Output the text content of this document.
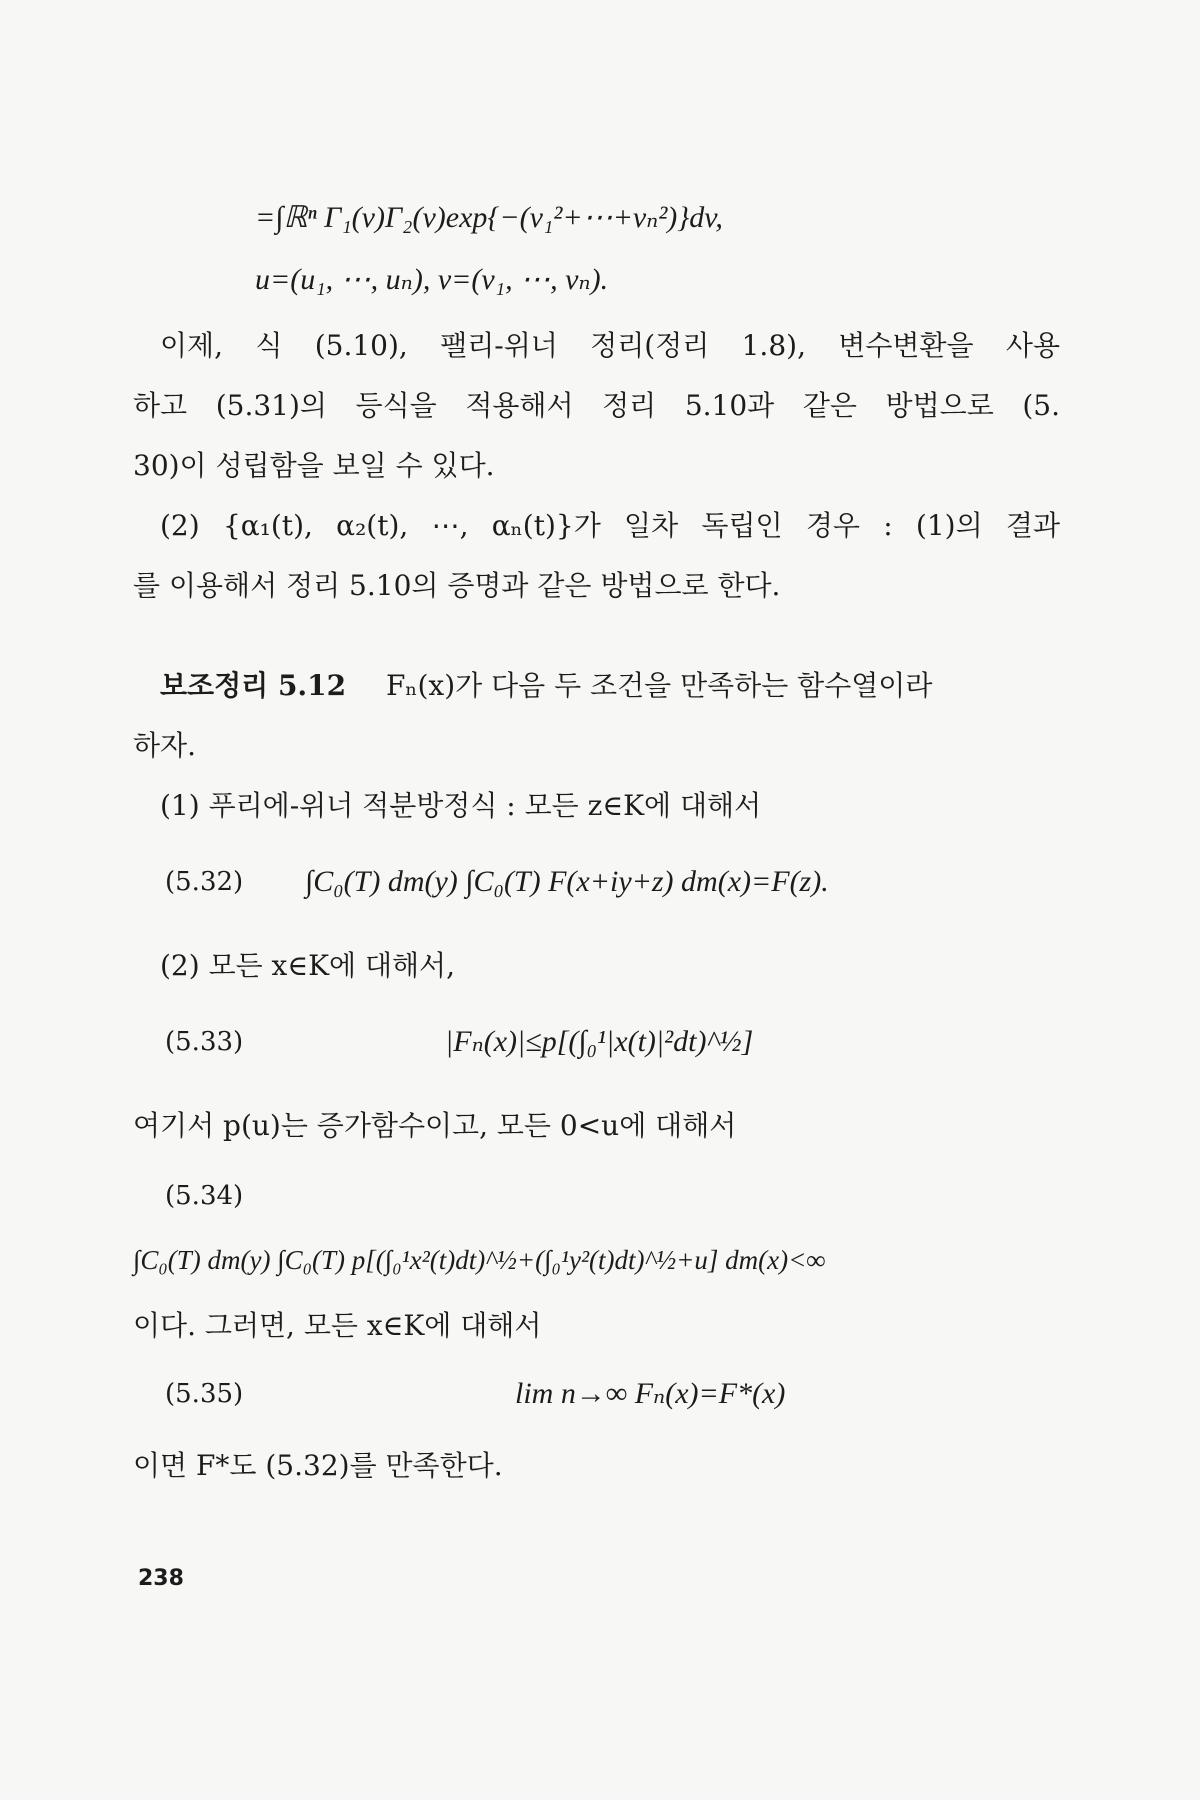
=∫ℝⁿ Γ₁(v)Γ₂(v)exp{−(v₁²+⋯+vₙ²)}dv,
u=(u₁, ⋯, uₙ), v=(v₁, ⋯, vₙ).
이제, 식 (5.10), 팰리-위너 정리(정리 1.8), 변수변환을 사용
하고 (5.31)의 등식을 적용해서 정리 5.10과 같은 방법으로 (5.
30)이 성립함을 보일 수 있다.
(2) {α₁(t), α₂(t), ⋯, αₙ(t)}가 일차 독립인 경우 : (1)의 결과
를 이용해서 정리 5.10의 증명과 같은 방법으로 한다.
보조정리 5.12 Fₙ(x)가 다음 두 조건을 만족하는 함수열이라
하자.
(1) 푸리에-위너 적분방정식 : 모든 z∈K에 대해서
(5.32) ∫C₀(T) dm(y) ∫C₀(T) F(x+iy+z) dm(x)=F(z).
(2) 모든 x∈K에 대해서,
(5.33)	|Fₙ(x)|≤p[(∫₀¹|x(t)|²dt)^½]
여기서 p(u)는 증가함수이고, 모든 0<u에 대해서
(5.34)
∫C₀(T) dm(y) ∫C₀(T) p[(∫₀¹x²(t)dt)^½+(∫₀¹y²(t)dt)^½+u] dm(x)<∞
이다. 그러면, 모든 x∈K에 대해서
(5.35)	lim n→∞ Fₙ(x)=F*(x)
이면 F*도 (5.32)를 만족한다.
238
